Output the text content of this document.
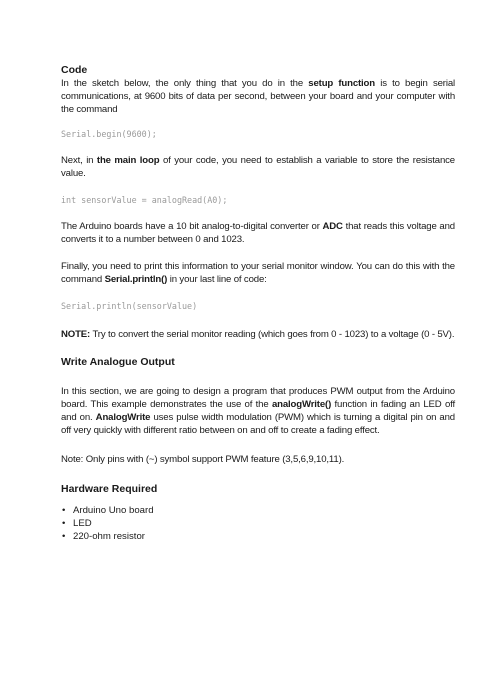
Code

In the sketch below, the only thing that you do in the setup function is to begin serial communications, at 9600 bits of data per second, between your board and your computer with the command

Serial.begin(9600);

Next, in the main loop of your code, you need to establish a variable to store the resistance value.

int sensorValue = analogRead(A0);

The Arduino boards have a 10 bit analog-to-digital converter or ADC that reads this voltage and converts it to a number between 0 and 1023.

Finally, you need to print this information to your serial monitor window. You can do this with the command Serial.println() in your last line of code:

Serial.println(sensorValue)

NOTE: Try to convert the serial monitor reading (which goes from 0 - 1023) to a voltage (0 - 5V).

Write Analogue Output

In this section, we are going to design a program that produces PWM output from the Arduino board. This example demonstrates the use of the analogWrite() function in fading an LED off and on. AnalogWrite uses pulse width modulation (PWM) which is turning a digital pin on and off very quickly with different ratio between on and off to create a fading effect.

Note: Only pins with (~) symbol support PWM feature (3,5,6,9,10,11).

Hardware Required

• Arduino Uno board
• LED
• 220-ohm resistor
